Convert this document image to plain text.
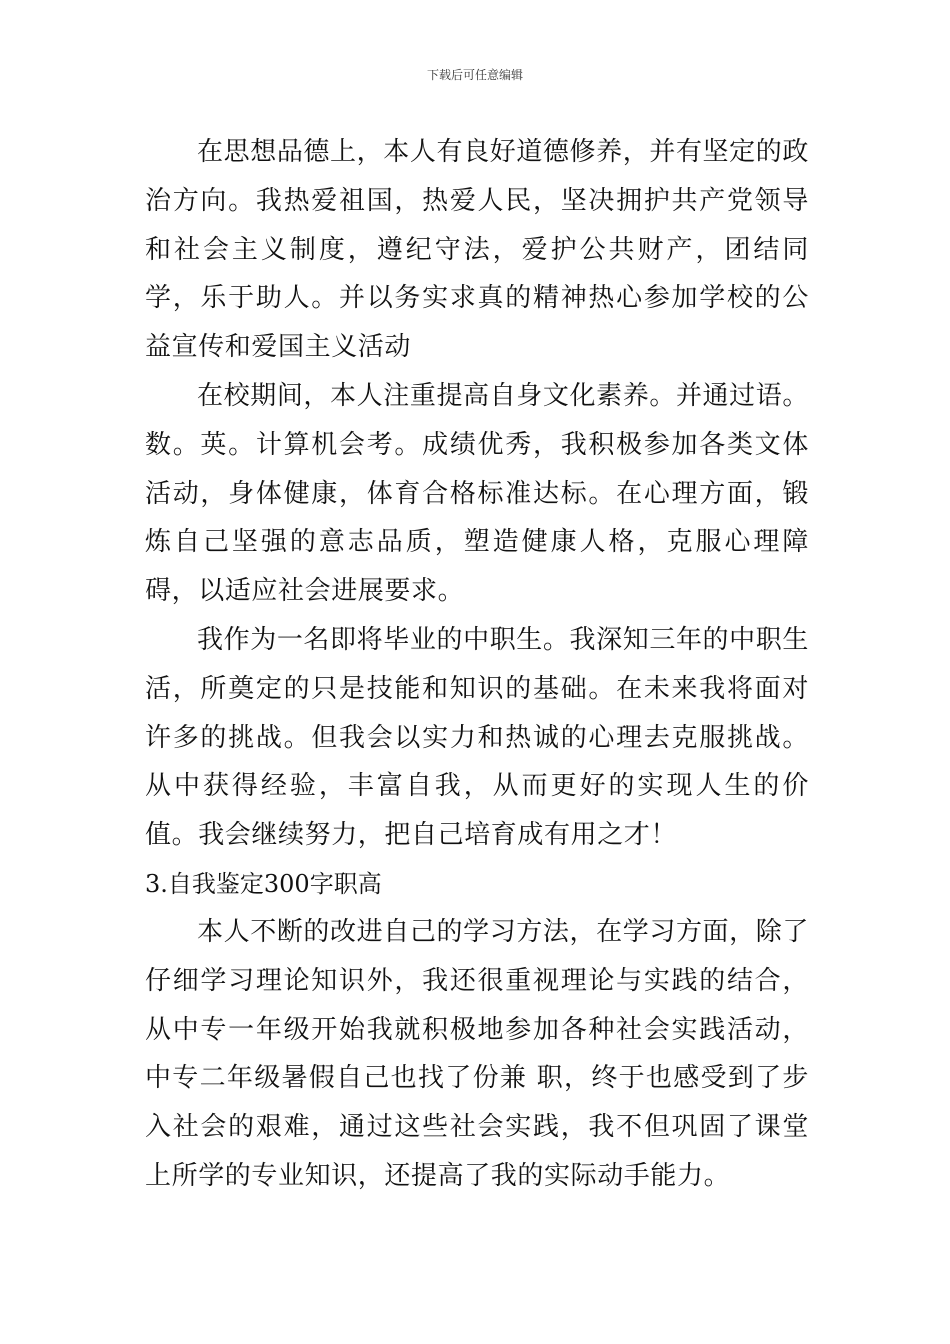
下载后可任意编辑

在思想品德上，本人有良好道德修养，并有坚定的政治方向。我热爱祖国，热爱人民，坚决拥护共产党领导和社会主义制度，遵纪守法，爱护公共财产，团结同学，乐于助人。并以务实求真的精神热心参加学校的公益宣传和爱国主义活动

在校期间，本人注重提高自身文化素养。并通过语。数。英。计算机会考。成绩优秀，我积极参加各类文体活动，身体健康，体育合格标准达标。在心理方面，锻炼自己坚强的意志品质，塑造健康人格，克服心理障碍，以适应社会进展要求。

我作为一名即将毕业的中职生。我深知三年的中职生活，所奠定的只是技能和知识的基础。在未来我将面对许多的挑战。但我会以实力和热诚的心理去克服挑战。从中获得经验，丰富自我，从而更好的实现人生的价值。我会继续努力，把自己培育成有用之才！

3.自我鉴定300字职高

本人不断的改进自己的学习方法，在学习方面，除了仔细学习理论知识外，我还很重视理论与实践的结合，从中专一年级开始我就积极地参加各种社会实践活动，中专二年级暑假自己也找了份兼 职，终于也感受到了步入社会的艰难，通过这些社会实践，我不但巩固了课堂上所学的专业知识，还提高了我的实际动手能力。
